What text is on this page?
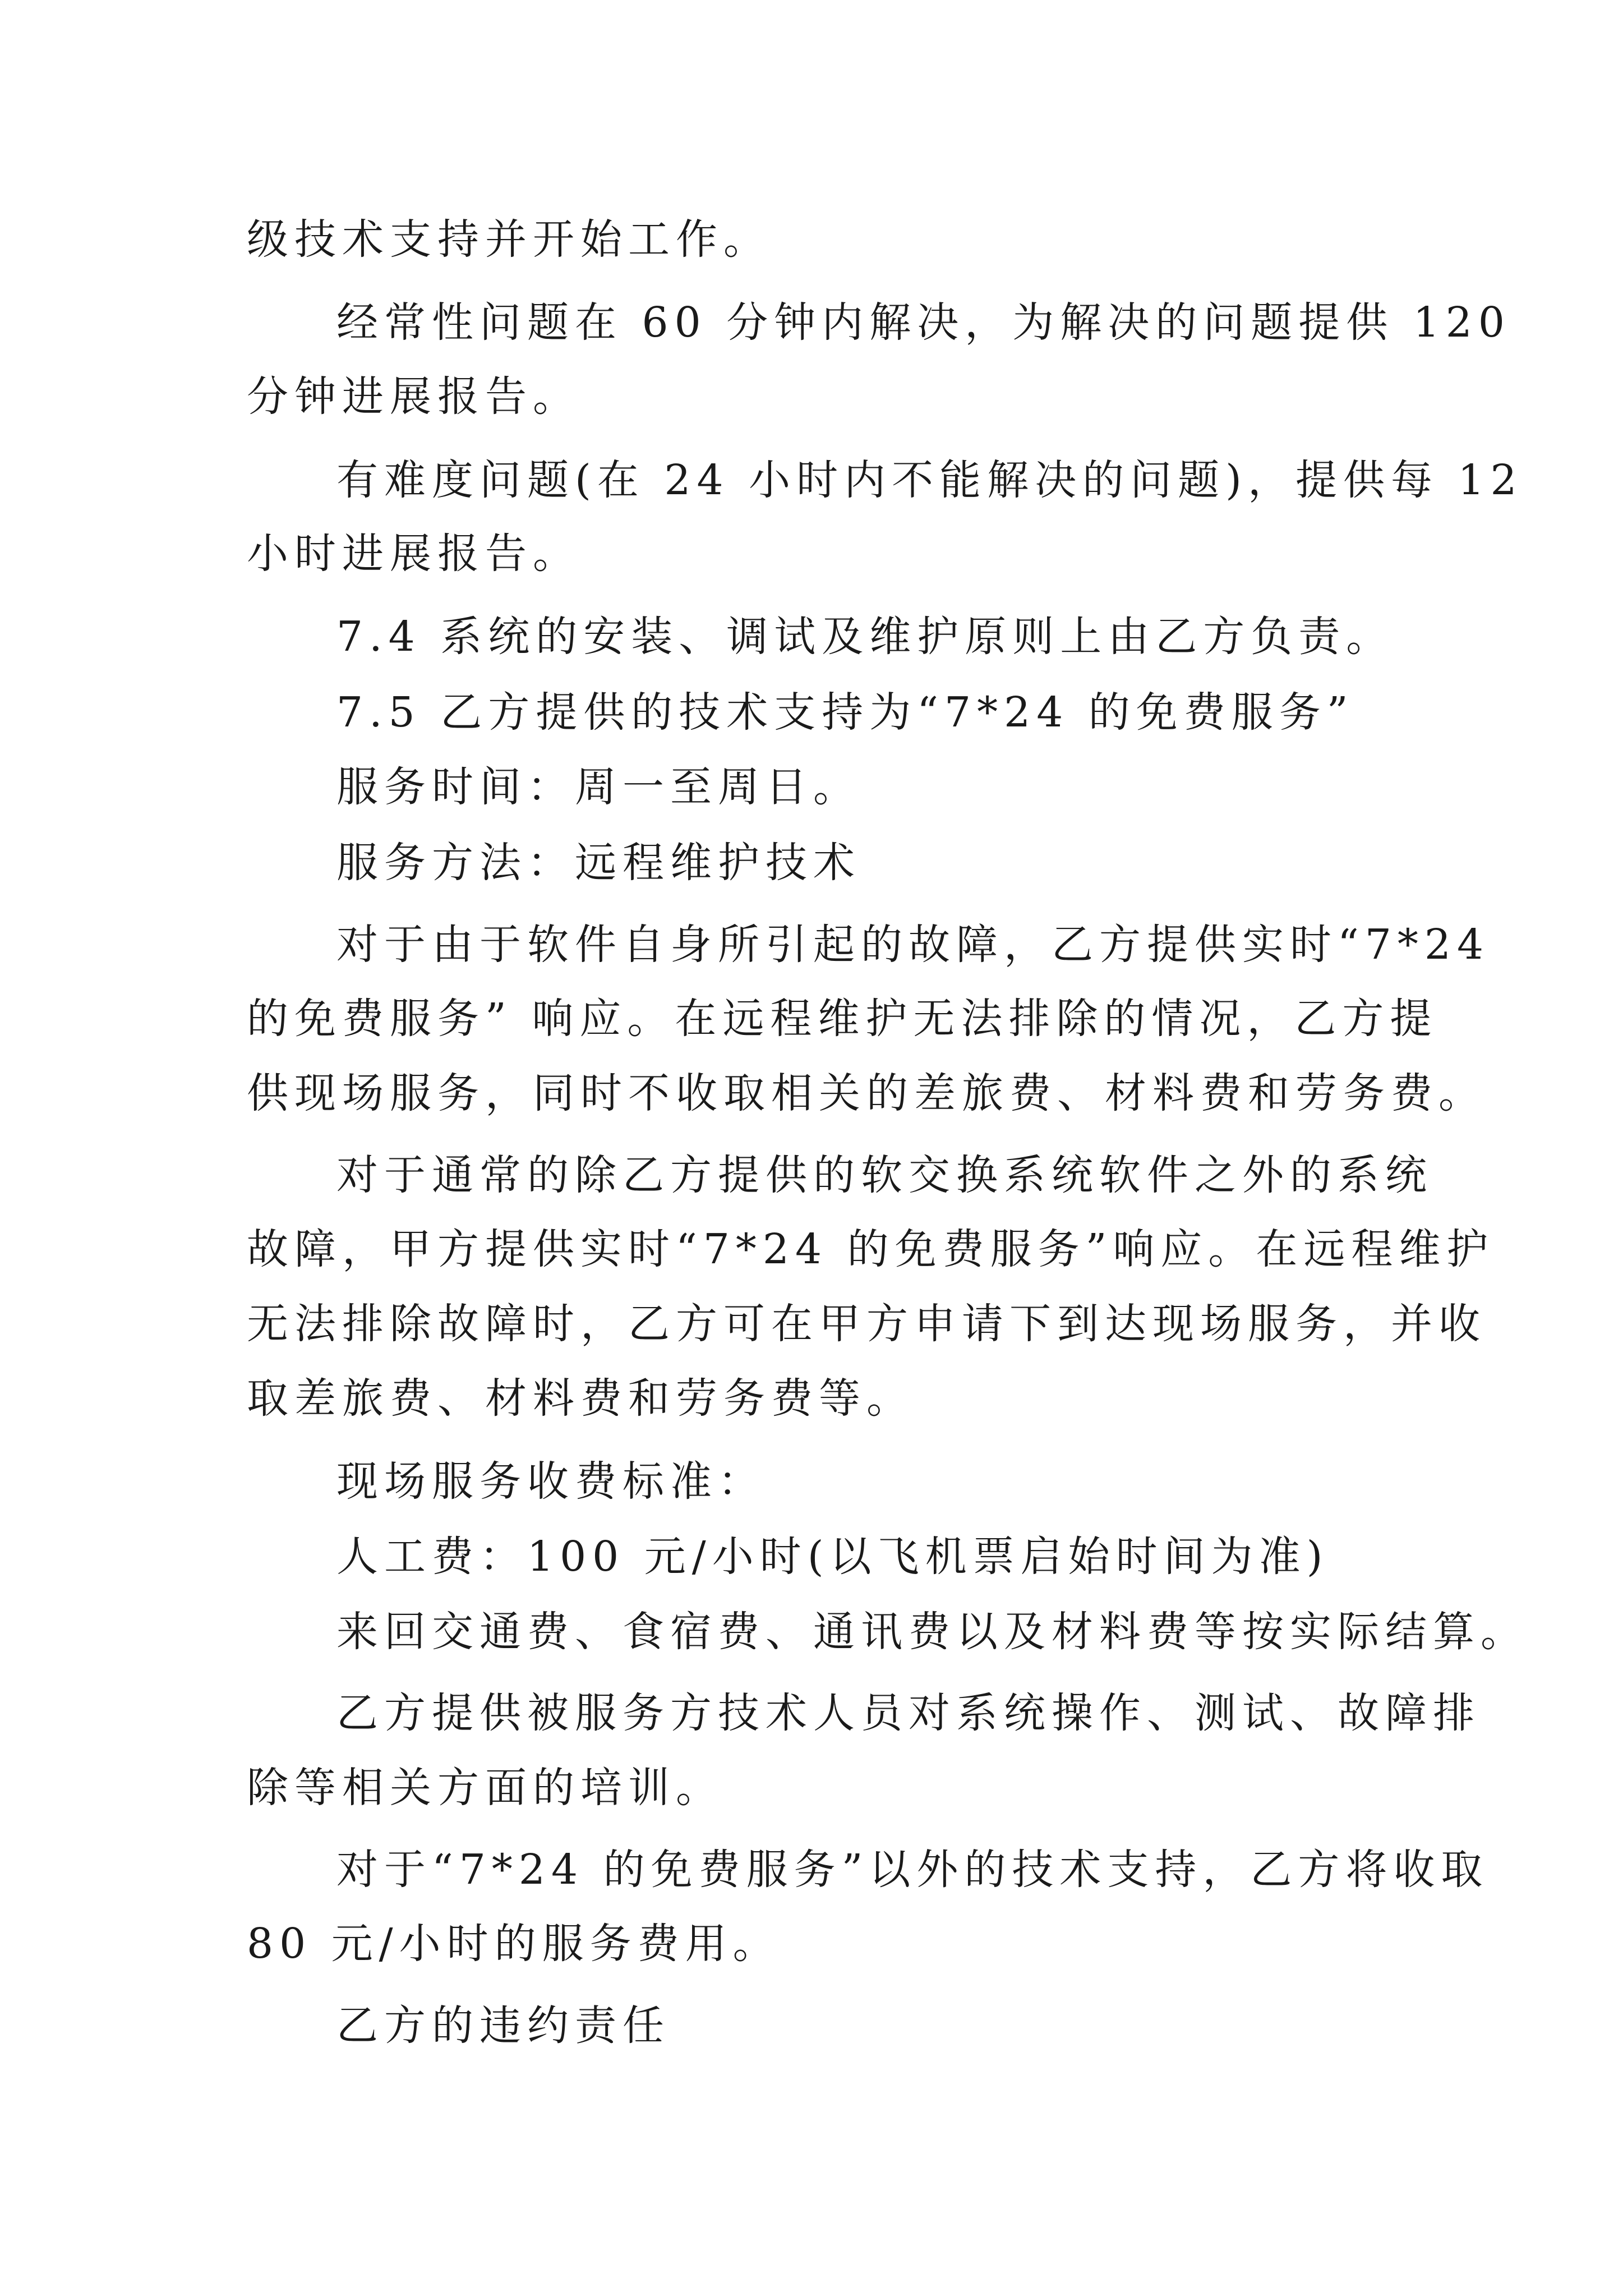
级技术支持并开始工作。
经常性问题在 60 分钟内解决，为解决的问题提供 120
分钟进展报告。
有难度问题(在 24 小时内不能解决的问题)，提供每 12
小时进展报告。
7.4 系统的安装、调试及维护原则上由乙方负责。
7.5 乙方提供的技术支持为“7*24 的免费服务”
服务时间：周一至周日。
服务方法：远程维护技术
对于由于软件自身所引起的故障，乙方提供实时“7*24
的免费服务” 响应。在远程维护无法排除的情况，乙方提
供现场服务，同时不收取相关的差旅费、材料费和劳务费。
对于通常的除乙方提供的软交换系统软件之外的系统
故障，甲方提供实时“7*24 的免费服务”响应。在远程维护
无法排除故障时，乙方可在甲方申请下到达现场服务，并收
取差旅费、材料费和劳务费等。
现场服务收费标准：
人工费：100 元/小时(以飞机票启始时间为准)
来回交通费、食宿费、通讯费以及材料费等按实际结算。
乙方提供被服务方技术人员对系统操作、测试、故障排
除等相关方面的培训。
对于“7*24 的免费服务”以外的技术支持，乙方将收取
80 元/小时的服务费用。
乙方的违约责任
